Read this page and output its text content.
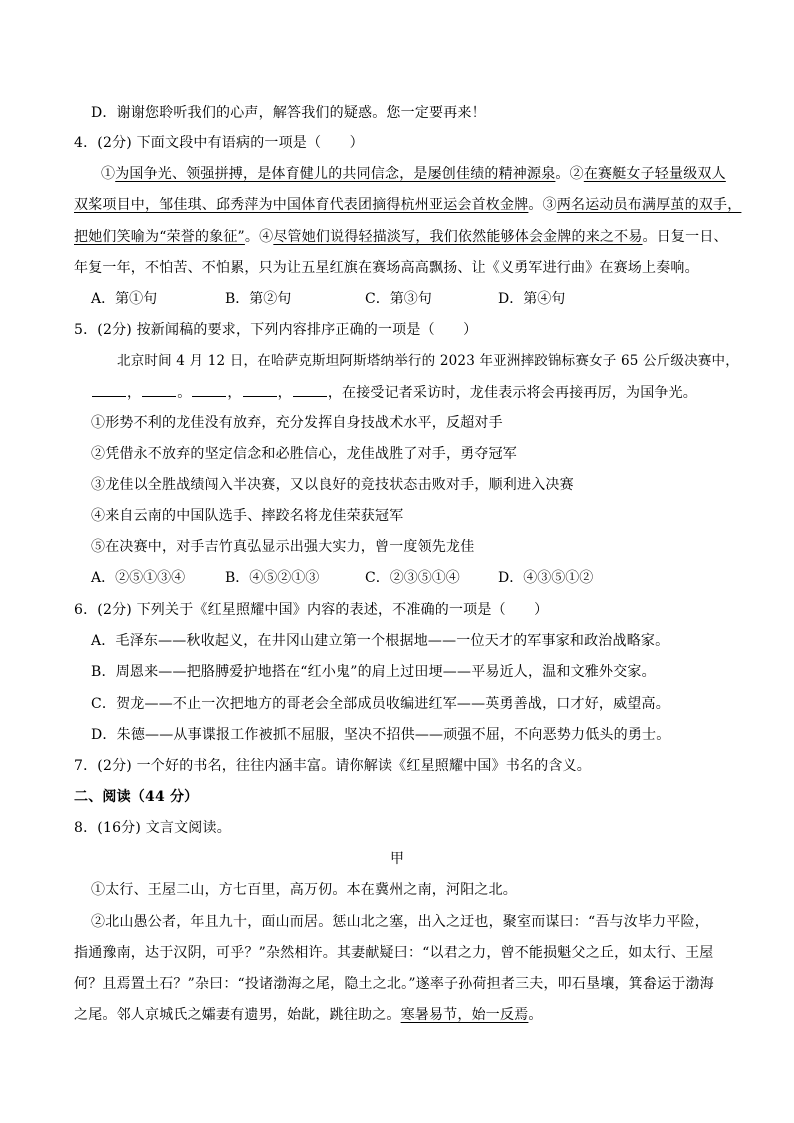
D．谢谢您聆听我们的心声，解答我们的疑惑。您一定要再来！
4．(2分) 下面文段中有语病的一项是（　　）
①为国争光、领强拼搏，是体育健儿的共同信念，是屡创佳绩的精神源泉。②在赛艇女子轻量级双人
双桨项目中，邹佳琪、邱秀萍为中国体育代表团摘得杭州亚运会首枚金牌。③两名运动员布满厚茧的双手，
把她们笑喻为“荣誉的象征”。④尽管她们说得轻描淡写，我们依然能够体会金牌的来之不易。日复一日、
年复一年，不怕苦、不怕累，只为让五星红旗在赛场高高飘扬、让《义勇军进行曲》在赛场上奏响。
A．第①句	B．第②句	C．第③句	D．第④句
5．(2分) 按新闻稿的要求，下列内容排序正确的一项是（　　）
北京时间 4 月 12 日，在哈萨克斯坦阿斯塔纳举行的 2023 年亚洲摔跤锦标赛女子 65 公斤级决赛中，
，	。	，	，	，在接受记者采访时，龙佳表示将会再接再厉，为国争光。
①形势不利的龙佳没有放弃，充分发挥自身技战术水平，反超对手
②凭借永不放弃的坚定信念和必胜信心，龙佳战胜了对手，勇夺冠军
③龙佳以全胜战绩闯入半决赛，又以良好的竞技状态击败对手，顺利进入决赛
④来自云南的中国队选手、摔跤名将龙佳荣获冠军
⑤在决赛中，对手吉竹真弘显示出强大实力，曾一度领先龙佳
A．②⑤①③④	B．④⑤②①③	C．②③⑤①④	D．④③⑤①②
6．(2分) 下列关于《红星照耀中国》内容的表述，不准确的一项是（　　）
A．毛泽东——秋收起义，在井冈山建立第一个根据地——一位天才的军事家和政治战略家。
B．周恩来——把胳膊爱护地搭在“红小鬼”的肩上过田埂——平易近人，温和文雅外交家。
C．贺龙——不止一次把地方的哥老会全部成员收编进红军——英勇善战，口才好，威望高。
D．朱德——从事谍报工作被抓不屈服，坚决不招供——顽强不屈，不向恶势力低头的勇士。
7．(2分) 一个好的书名，往往内涵丰富。请你解读《红星照耀中国》书名的含义。
二、阅读（44 分）
8．(16分) 文言文阅读。
甲
①太行、王屋二山，方七百里，高万仞。本在冀州之南，河阳之北。
②北山愚公者，年且九十，面山而居。惩山北之塞，出入之迂也，聚室而谋曰：“吾与汝毕力平险，
指通豫南，达于汉阴，可乎？”杂然相许。其妻献疑曰：“以君之力，曾不能损魁父之丘，如太行、王屋
何？且焉置土石？”杂曰：“投诸渤海之尾，隐土之北。”遂率子孙荷担者三夫，叩石垦壤，箕畚运于渤海
之尾。邻人京城氏之孀妻有遗男，始龀，跳往助之。寒暑易节，始一反焉。
